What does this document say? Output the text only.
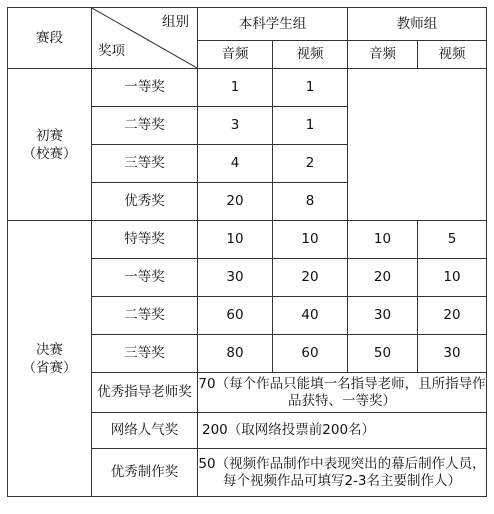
赛段	组别
奖项	本科学生组		教师组	
		音频	视频	音频	视频

初赛
（校赛）	一等奖	1	1		
	二等奖	3	1		
	三等奖	4	2		
	优秀奖	20	8		

决赛
（省赛）	特等奖	10	10	10	5
	一等奖	30	20	20	10
	二等奖	60	40	30	20
	三等奖	80	60	50	30
	优秀指导老师奖	70（每个作品只能填一名指导老师，且所指导作品获特、一等奖）			
	网络人气奖	200（取网络投票前200名）			
	优秀制作奖	50（视频作品制作中表现突出的幕后制作人员，每个视频作品可填写2-3名主要制作人）			
